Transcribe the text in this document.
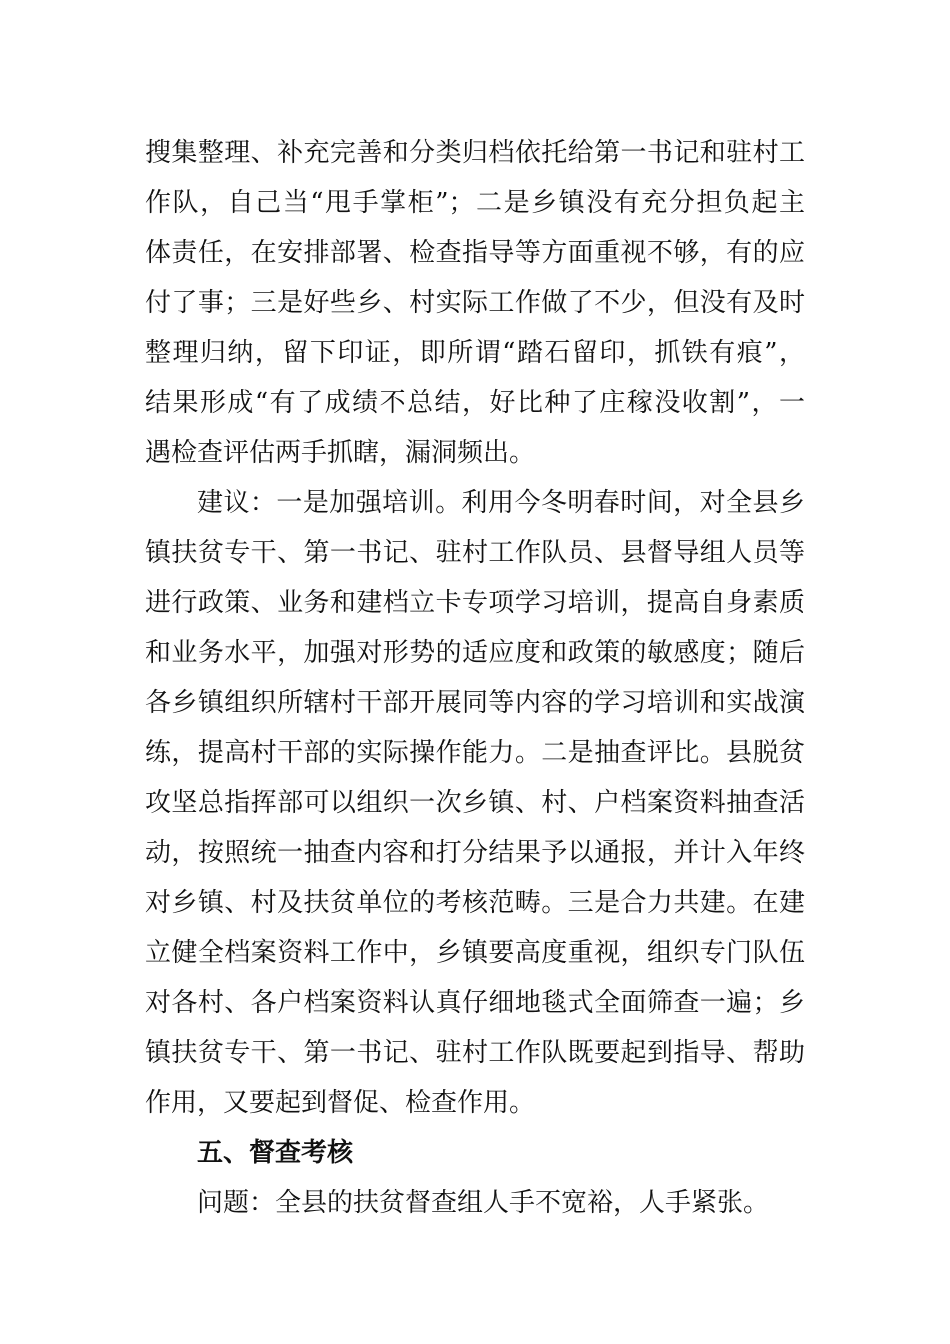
搜集整理、补充完善和分类归档依托给第一书记和驻村工
作队，自己当“甩手掌柜”；二是乡镇没有充分担负起主
体责任，在安排部署、检查指导等方面重视不够，有的应
付了事；三是好些乡、村实际工作做了不少，但没有及时
整理归纳，留下印证，即所谓“踏石留印，抓铁有痕”，
结果形成“有了成绩不总结，好比种了庄稼没收割”，一
遇检查评估两手抓瞎，漏洞频出。
建议：一是加强培训。利用今冬明春时间，对全县乡
镇扶贫专干、第一书记、驻村工作队员、县督导组人员等
进行政策、业务和建档立卡专项学习培训，提高自身素质
和业务水平，加强对形势的适应度和政策的敏感度；随后
各乡镇组织所辖村干部开展同等内容的学习培训和实战演
练，提高村干部的实际操作能力。二是抽查评比。县脱贫
攻坚总指挥部可以组织一次乡镇、村、户档案资料抽查活
动，按照统一抽查内容和打分结果予以通报，并计入年终
对乡镇、村及扶贫单位的考核范畴。三是合力共建。在建
立健全档案资料工作中，乡镇要高度重视，组织专门队伍
对各村、各户档案资料认真仔细地毯式全面筛查一遍；乡
镇扶贫专干、第一书记、驻村工作队既要起到指导、帮助
作用，又要起到督促、检查作用。
五、督查考核
问题：全县的扶贫督查组人手不宽裕，人手紧张。
